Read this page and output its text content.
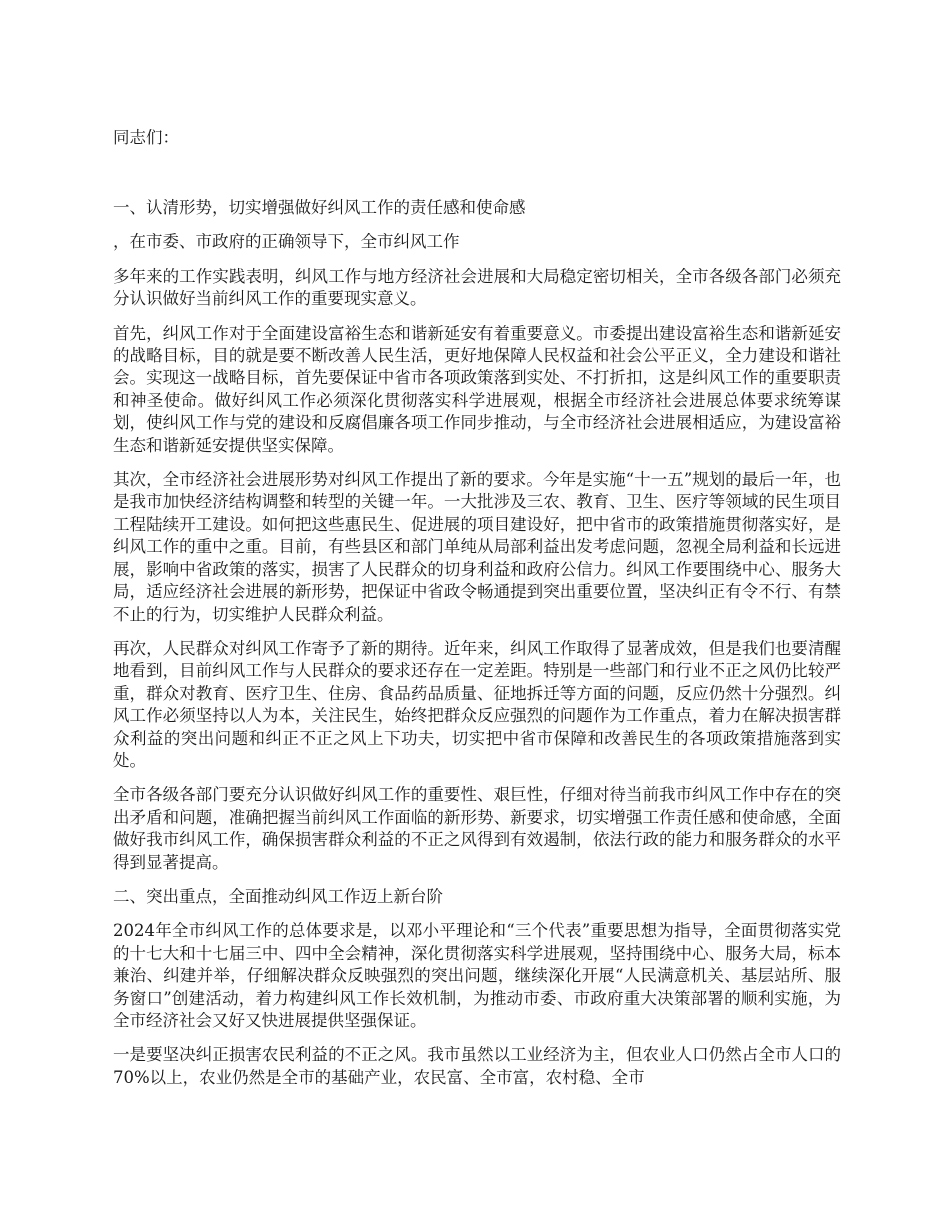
同志们：

一、认清形势，切实增强做好纠风工作的责任感和使命感

，在市委、市政府的正确领导下，全市纠风工作

多年来的工作实践表明，纠风工作与地方经济社会进展和大局稳定密切相关，全市各级各部门必须充分认识做好当前纠风工作的重要现实意义。

首先，纠风工作对于全面建设富裕生态和谐新延安有着重要意义。市委提出建设富裕生态和谐新延安的战略目标，目的就是要不断改善人民生活，更好地保障人民权益和社会公平正义，全力建设和谐社会。实现这一战略目标，首先要保证中省市各项政策落到实处、不打折扣，这是纠风工作的重要职责和神圣使命。做好纠风工作必须深化贯彻落实科学进展观，根据全市经济社会进展总体要求统筹谋划，使纠风工作与党的建设和反腐倡廉各项工作同步推动，与全市经济社会进展相适应，为建设富裕生态和谐新延安提供坚实保障。

其次，全市经济社会进展形势对纠风工作提出了新的要求。今年是实施“十一五”规划的最后一年，也是我市加快经济结构调整和转型的关键一年。一大批涉及三农、教育、卫生、医疗等领域的民生项目工程陆续开工建设。如何把这些惠民生、促进展的项目建设好，把中省市的政策措施贯彻落实好，是纠风工作的重中之重。目前，有些县区和部门单纯从局部利益出发考虑问题，忽视全局利益和长远进展，影响中省政策的落实，损害了人民群众的切身利益和政府公信力。纠风工作要围绕中心、服务大局，适应经济社会进展的新形势，把保证中省政令畅通提到突出重要位置，坚决纠正有令不行、有禁不止的行为，切实维护人民群众利益。

再次，人民群众对纠风工作寄予了新的期待。近年来，纠风工作取得了显著成效，但是我们也要清醒地看到，目前纠风工作与人民群众的要求还存在一定差距。特别是一些部门和行业不正之风仍比较严重，群众对教育、医疗卫生、住房、食品药品质量、征地拆迁等方面的问题，反应仍然十分强烈。纠风工作必须坚持以人为本，关注民生，始终把群众反应强烈的问题作为工作重点，着力在解决损害群众利益的突出问题和纠正不正之风上下功夫，切实把中省市保障和改善民生的各项政策措施落到实处。

全市各级各部门要充分认识做好纠风工作的重要性、艰巨性，仔细对待当前我市纠风工作中存在的突出矛盾和问题，准确把握当前纠风工作面临的新形势、新要求，切实增强工作责任感和使命感，全面做好我市纠风工作，确保损害群众利益的不正之风得到有效遏制，依法行政的能力和服务群众的水平得到显著提高。

二、突出重点，全面推动纠风工作迈上新台阶

2024年全市纠风工作的总体要求是，以邓小平理论和“三个代表”重要思想为指导，全面贯彻落实党的十七大和十七届三中、四中全会精神，深化贯彻落实科学进展观，坚持围绕中心、服务大局，标本兼治、纠建并举，仔细解决群众反映强烈的突出问题，继续深化开展“人民满意机关、基层站所、服务窗口”创建活动，着力构建纠风工作长效机制，为推动市委、市政府重大决策部署的顺利实施，为全市经济社会又好又快进展提供坚强保证。

一是要坚决纠正损害农民利益的不正之风。我市虽然以工业经济为主，但农业人口仍然占全市人口的70%以上，农业仍然是全市的基础产业，农民富、全市富，农村稳、全市
